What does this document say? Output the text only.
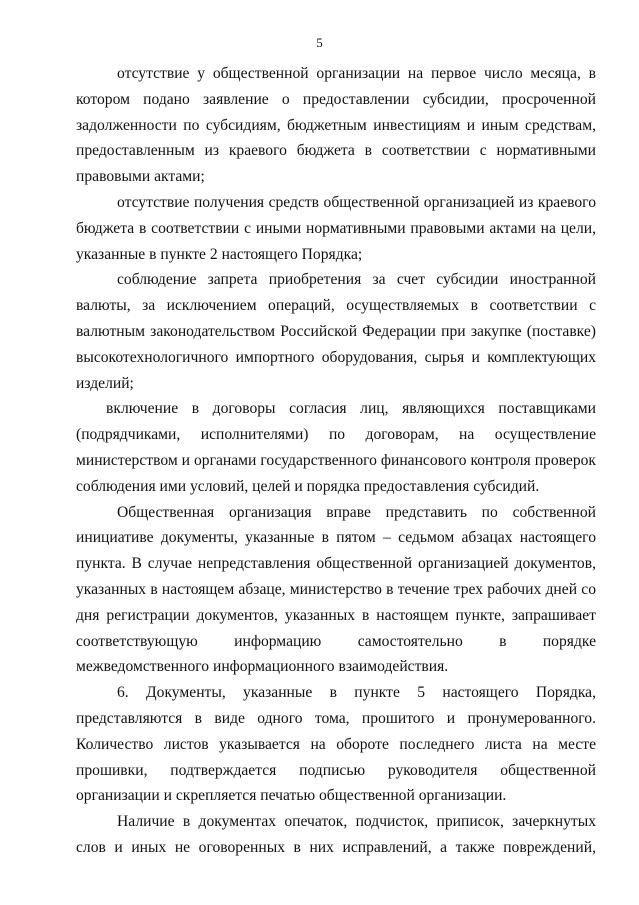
5

отсутствие у общественной организации на первое число месяца, в котором подано заявление о предоставлении субсидии, просроченной задолженности по субсидиям, бюджетным инвестициям и иным средствам, предоставленным из краевого бюджета в соответствии с нормативными правовыми актами;

отсутствие получения средств общественной организацией из краевого бюджета в соответствии с иными нормативными правовыми актами на цели, указанные в пункте 2 настоящего Порядка;

соблюдение запрета приобретения за счет субсидии иностранной валюты, за исключением операций, осуществляемых в соответствии с валютным законодательством Российской Федерации при закупке (поставке) высокотехнологичного импортного оборудования, сырья и комплектующих изделий;

включение в договоры согласия лиц, являющихся поставщиками (подрядчиками, исполнителями) по договорам, на осуществление министерством и органами государственного финансового контроля проверок соблюдения ими условий, целей и порядка предоставления субсидий.

Общественная организация вправе представить по собственной инициативе документы, указанные в пятом – седьмом абзацах настоящего пункта. В случае непредставления общественной организацией документов, указанных в настоящем абзаце, министерство в течение трех рабочих дней со дня регистрации документов, указанных в настоящем пункте, запрашивает соответствующую информацию самостоятельно в порядке межведомственного информационного взаимодействия.

6. Документы, указанные в пункте 5 настоящего Порядка, представляются в виде одного тома, прошитого и пронумерованного. Количество листов указывается на обороте последнего листа на месте прошивки, подтверждается подписью руководителя общественной организации и скрепляется печатью общественной организации.

Наличие в документах опечаток, подчисток, приписок, зачеркнутых слов и иных не оговоренных в них исправлений, а также повреждений,
